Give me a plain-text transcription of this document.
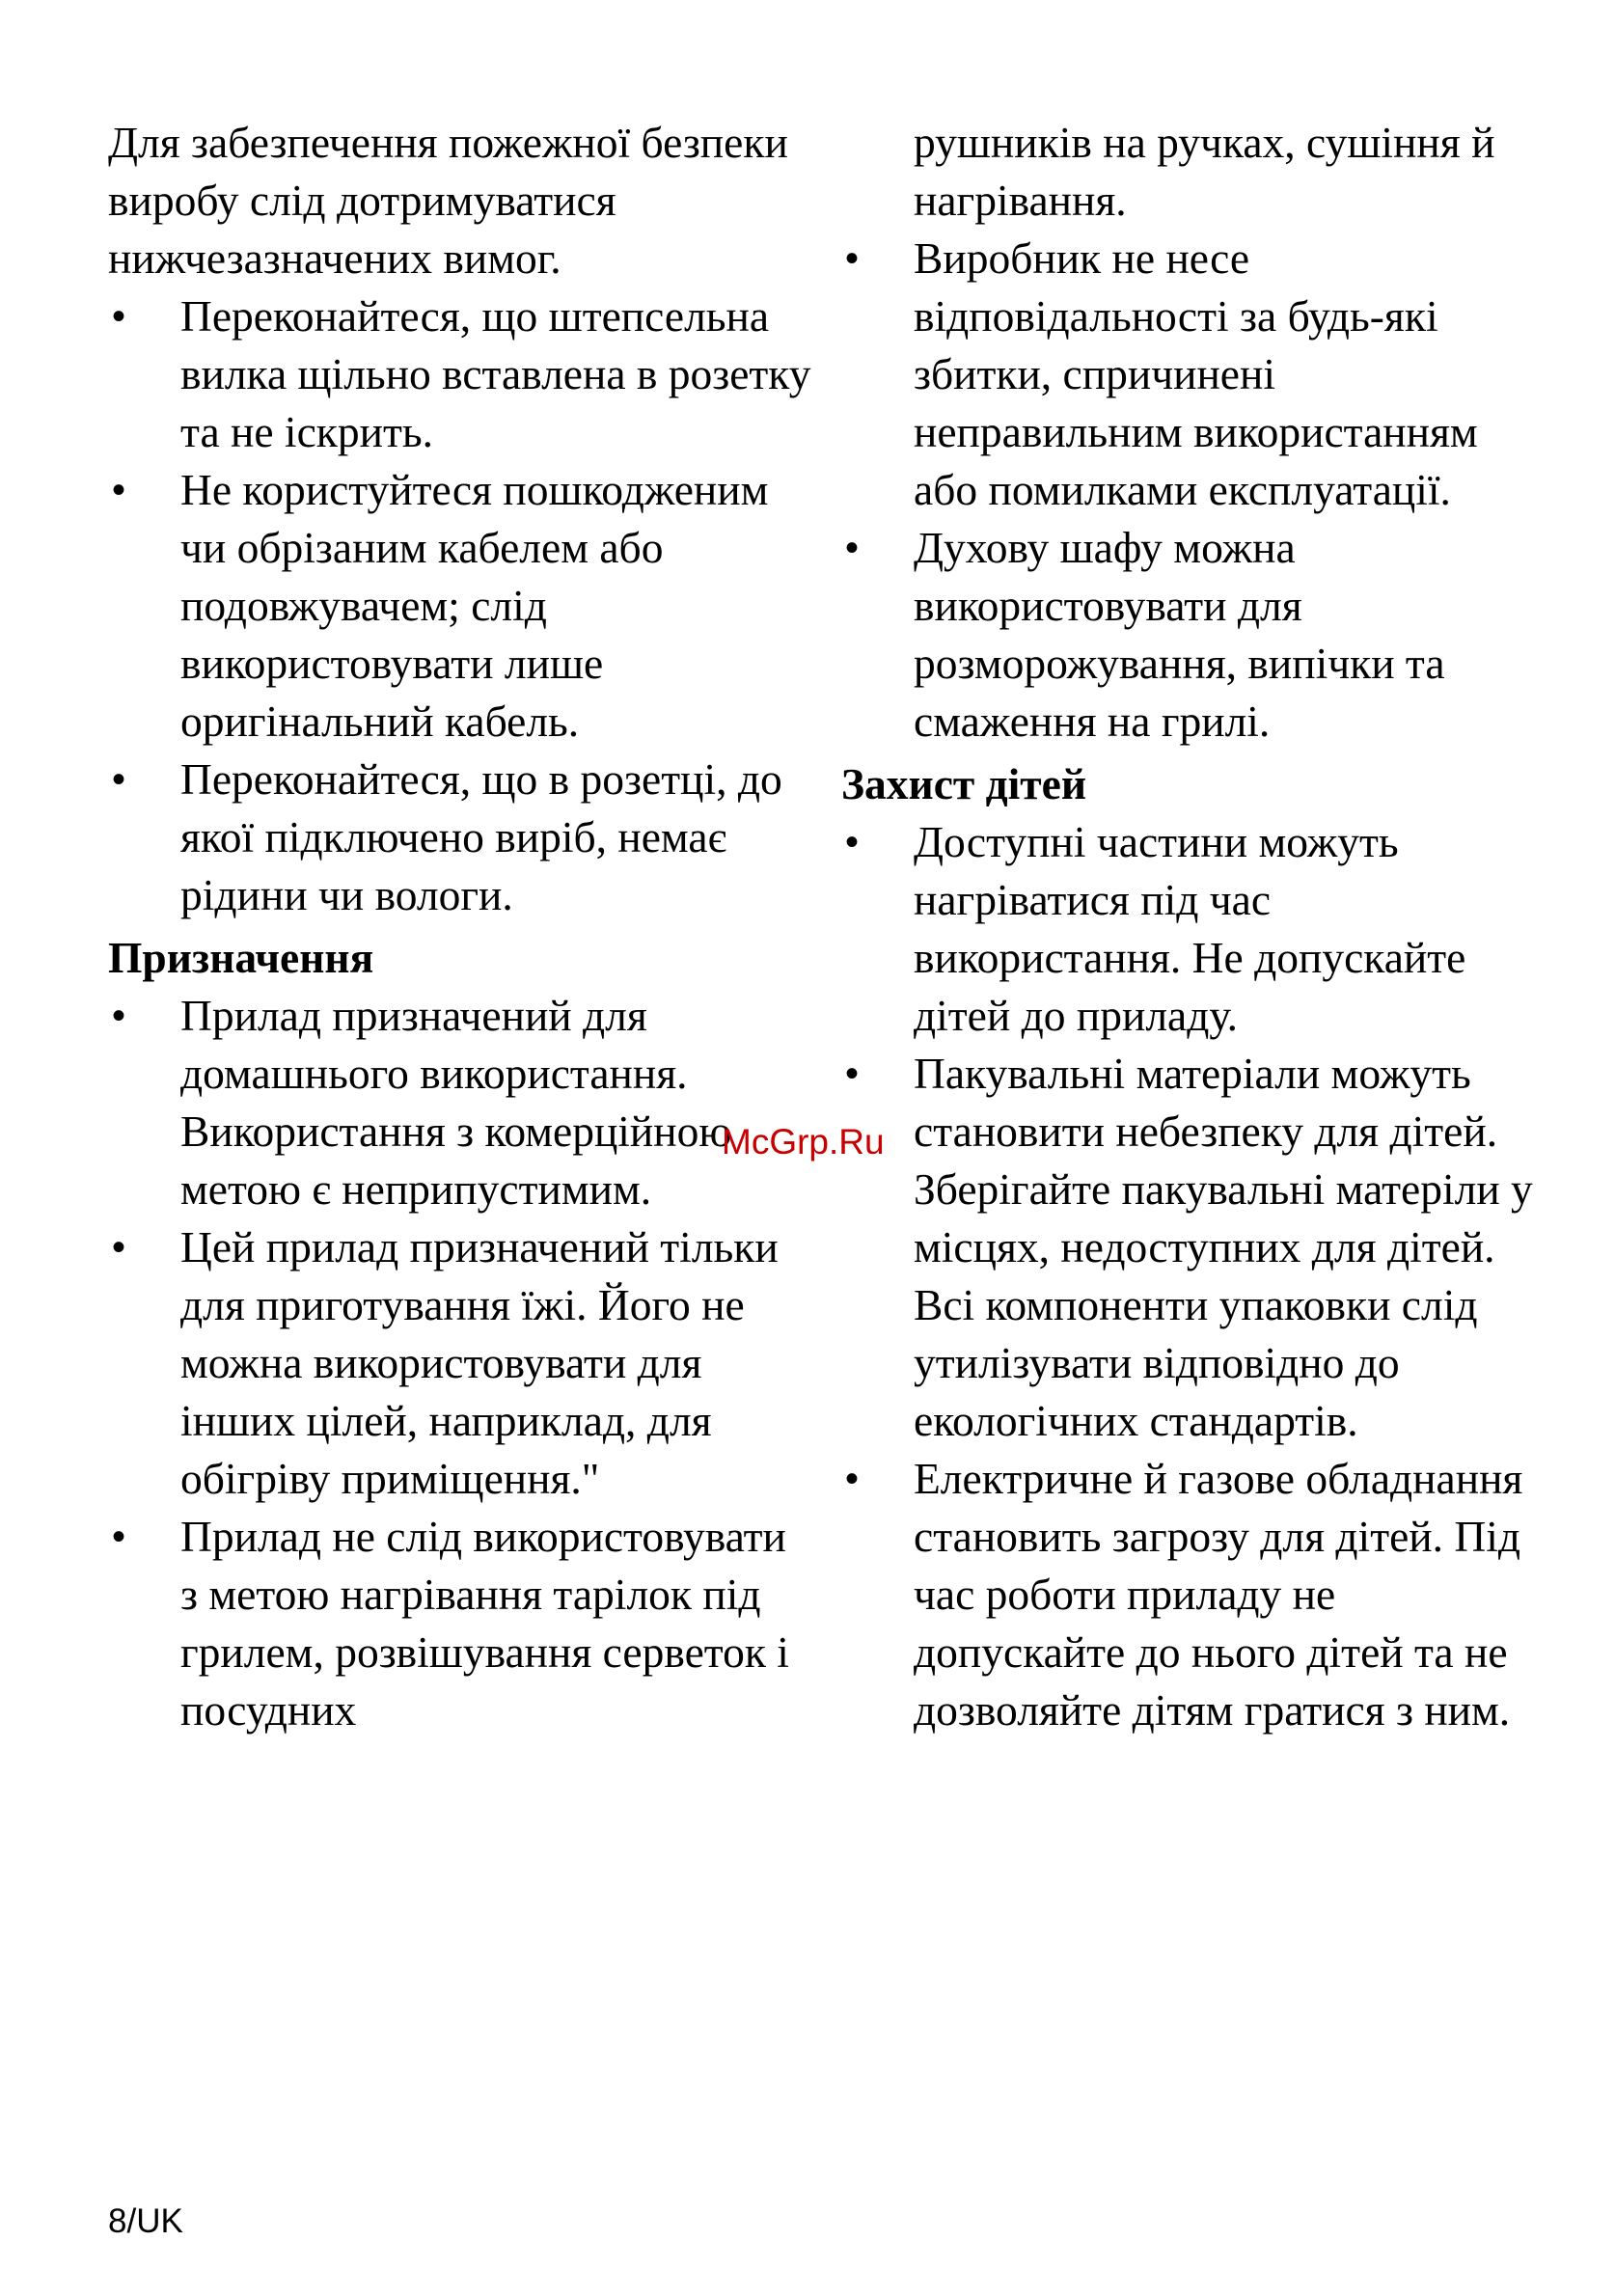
Для забезпечення пожежної безпеки виробу слід дотримуватися нижчезазначених вимог.

• Переконайтеся, що штепсельна вилка щільно вставлена в розетку та не іскрить.
• Не користуйтеся пошкодженим чи обрізаним кабелем або подовжувачем; слід використовувати лише оригінальний кабель.
• Переконайтеся, що в розетці, до якої підключено виріб, немає рідини чи вологи.
Призначення
• Прилад призначений для домашнього використання. Використання з комерційною метою є неприпустимим.
• Цей прилад призначений тільки для приготування їжі. Його не можна використовувати для інших цілей, наприклад, для обігріву приміщення."
• Прилад не слід використовувати з метою нагрівання тарілок під грилем, розвішування серветок і посудних
рушників на ручках, сушіння й нагрівання.
• Виробник не несе відповідальності за будь-які збитки, спричинені неправильним використанням або помилками експлуатації.
• Духову шафу можна використовувати для розморожування, випічки та смаження на грилі.
Захист дітей
• Доступні частини можуть нагріватися під час використання. Не допускайте дітей до приладу.
• Пакувальні матеріали можуть становити небезпеку для дітей. Зберігайте пакувальні матеріли у місцях, недоступних для дітей. Всі компоненти упаковки слід утилізувати відповідно до екологічних стандартів.
• Електричне й газове обладнання становить загрозу для дітей. Під час роботи приладу не допускайте до нього дітей та не дозволяйте дітям гратися з ним.
McGrp.Ru
8/UK
